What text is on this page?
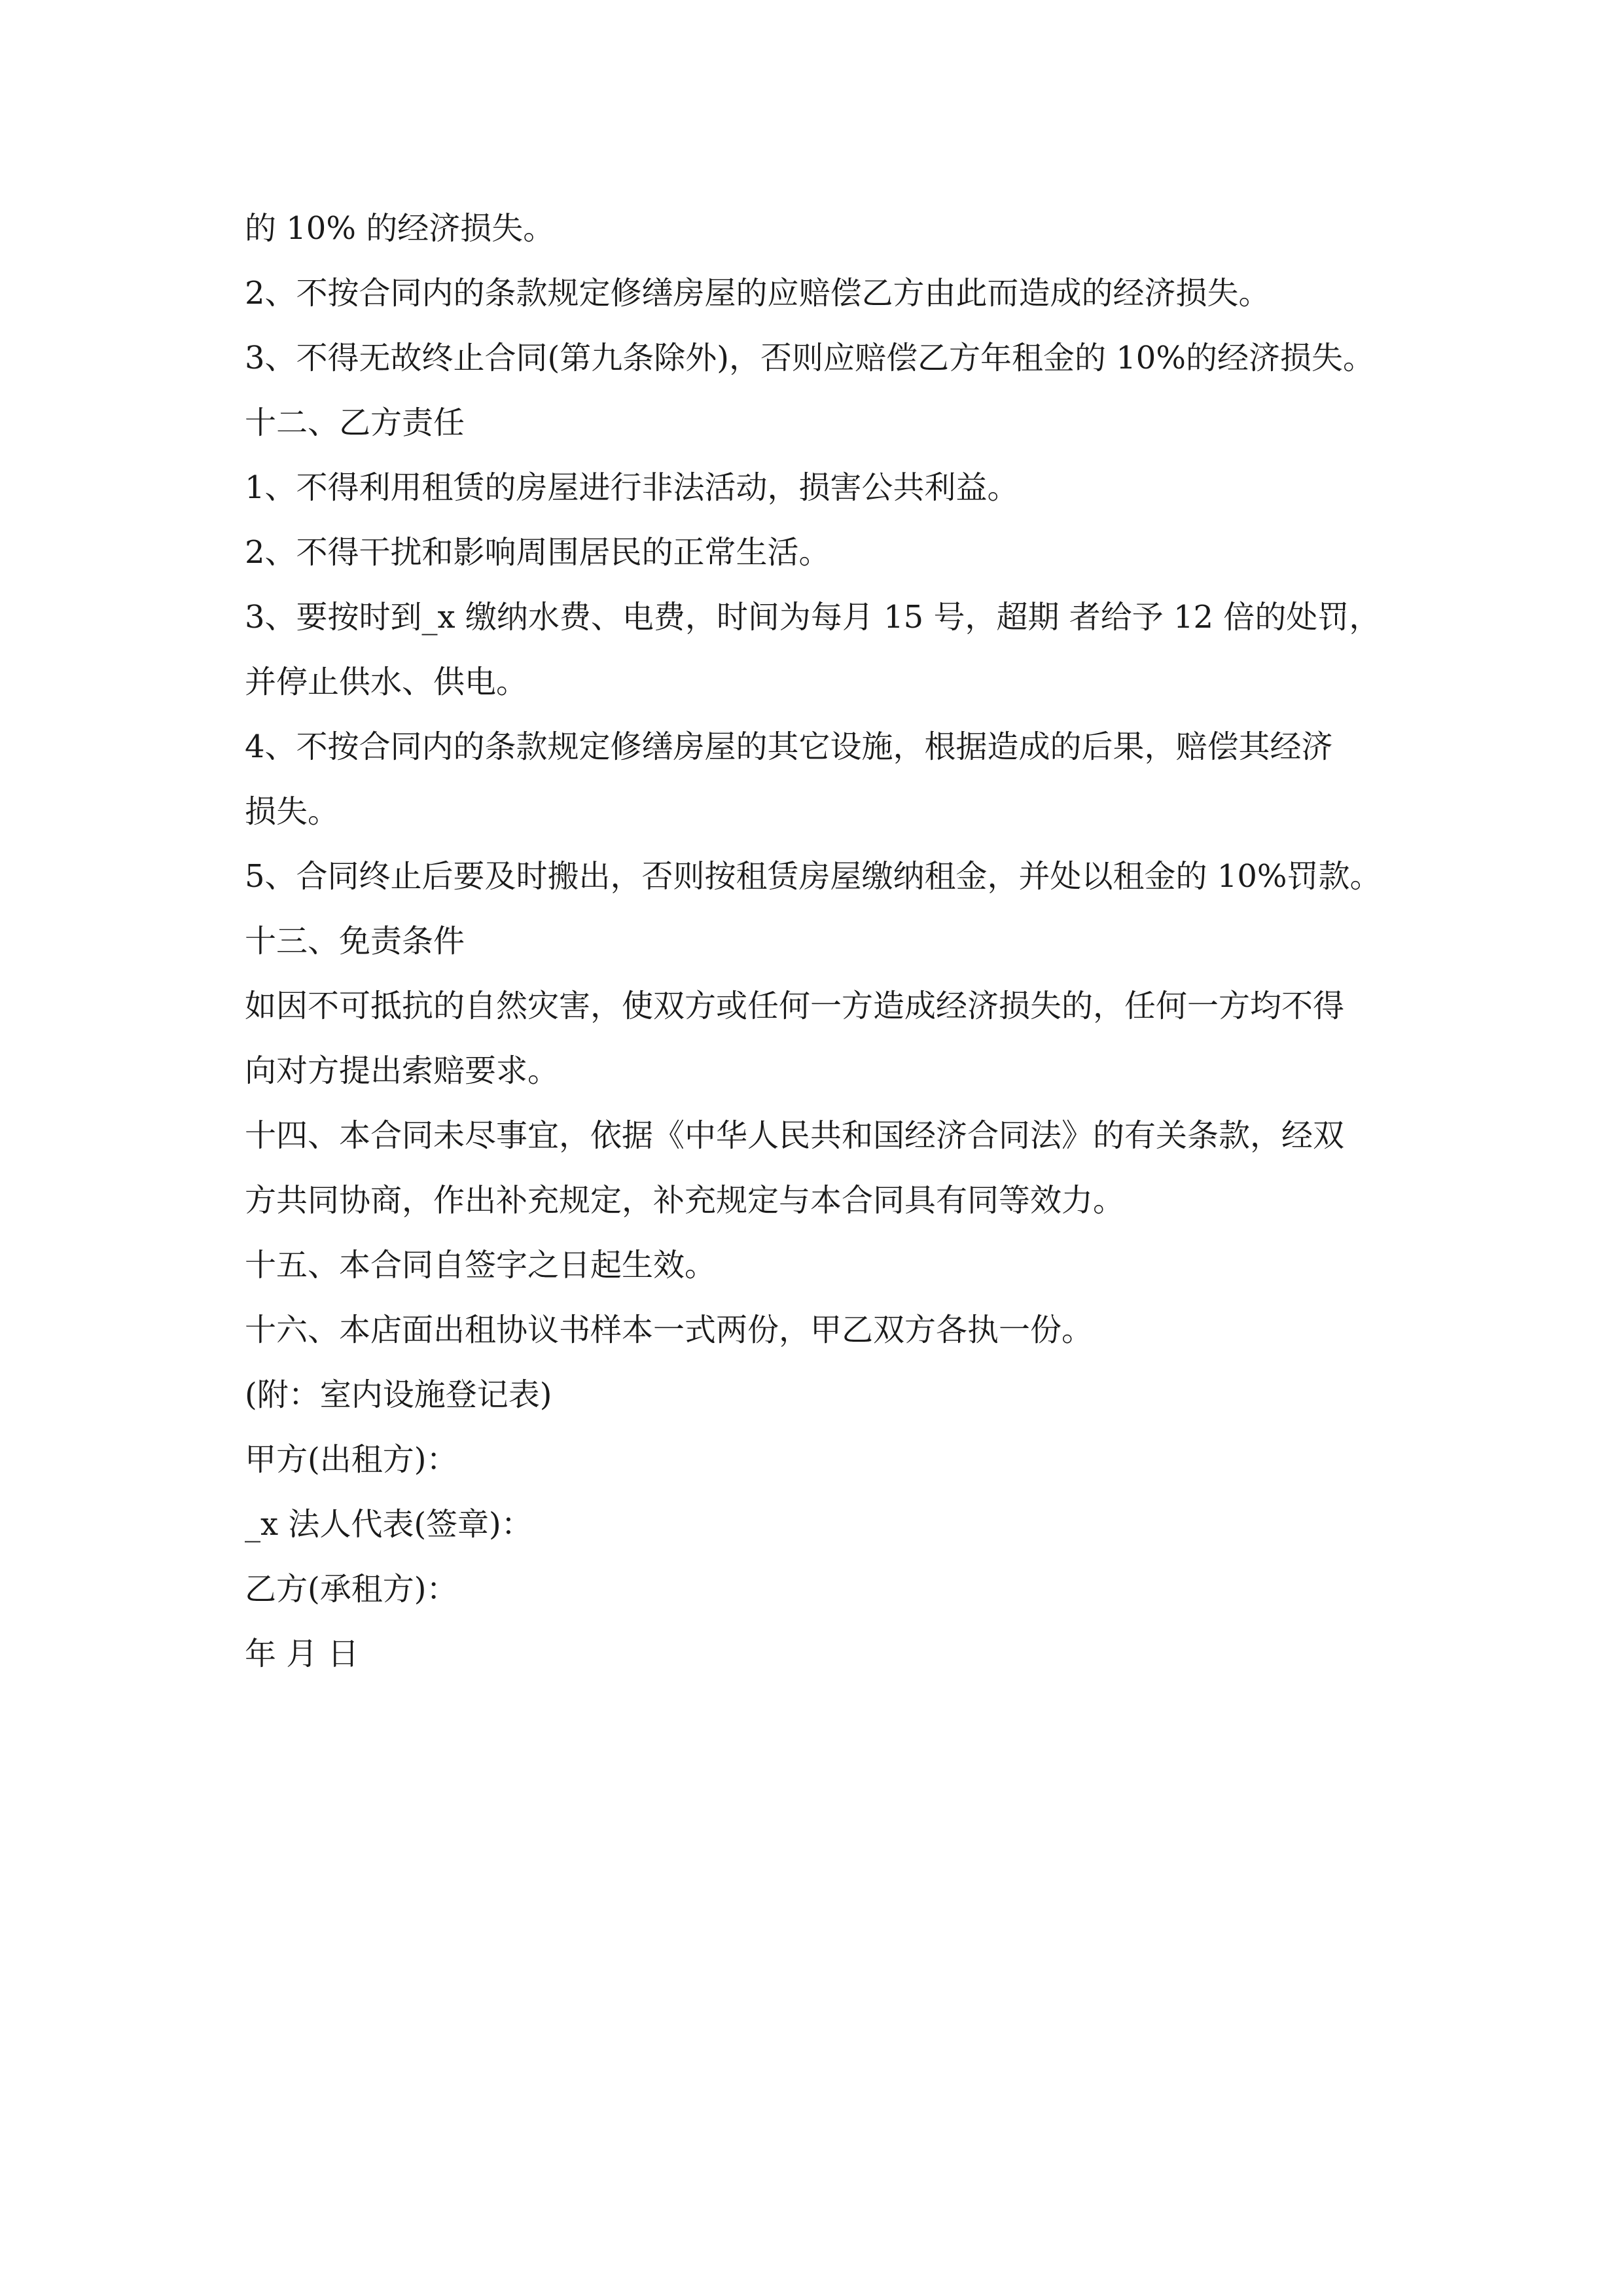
的 10% 的经济损失。
2、不按合同内的条款规定修缮房屋的应赔偿乙方由此而造成的经济损失。
3、不得无故终止合同(第九条除外)，否则应赔偿乙方年租金的 10%的经济损失。
十二、乙方责任
1、不得利用租赁的房屋进行非法活动，损害公共利益。
2、不得干扰和影响周围居民的正常生活。
3、要按时到_x 缴纳水费、电费，时间为每月 15 号，超期 者给予 12 倍的处罚，
并停止供水、供电。
4、不按合同内的条款规定修缮房屋的其它设施，根据造成的后果，赔偿其经济
损失。
5、合同终止后要及时搬出，否则按租赁房屋缴纳租金，并处以租金的 10%罚款。
十三、免责条件
如因不可抵抗的自然灾害，使双方或任何一方造成经济损失的，任何一方均不得
向对方提出索赔要求。
十四、本合同未尽事宜，依据《中华人民共和国经济合同法》的有关条款，经双
方共同协商，作出补充规定，补充规定与本合同具有同等效力。
十五、本合同自签字之日起生效。
十六、本店面出租协议书样本一式两份，甲乙双方各执一份。
(附：室内设施登记表)
甲方(出租方)：
_x 法人代表(签章)：
乙方(承租方)：
年 月 日
